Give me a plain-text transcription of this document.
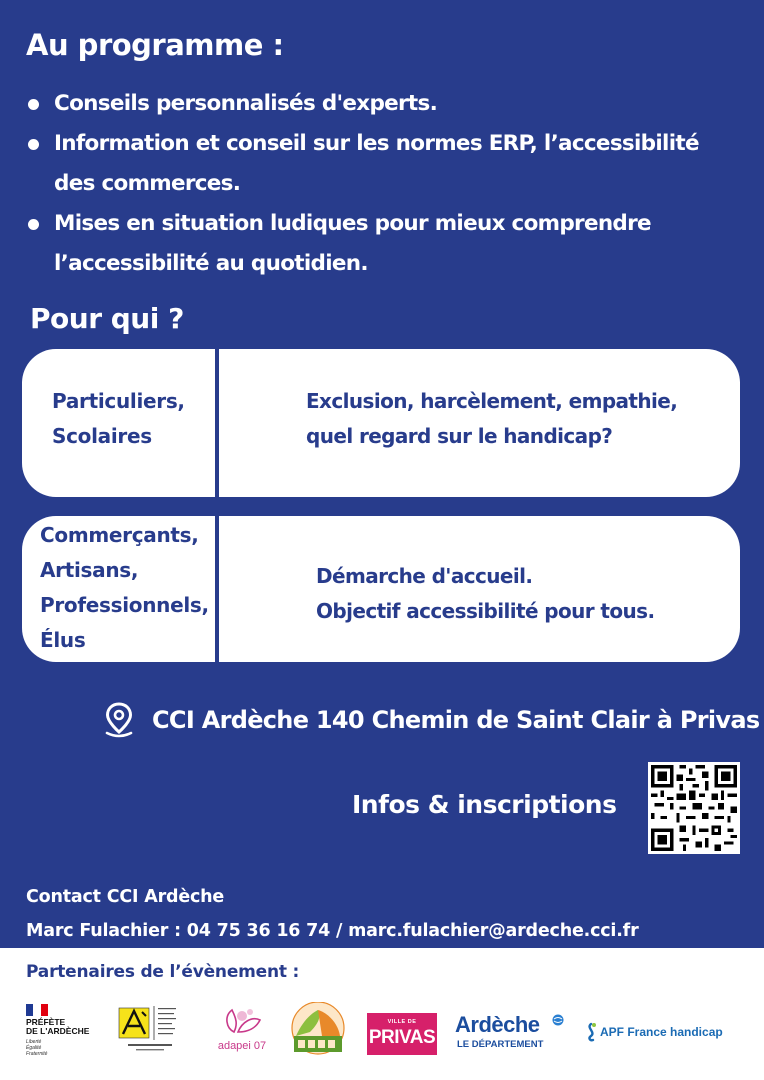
Au programme :
Conseils personnalisés d'experts.
Information et conseil sur les normes ERP, l’accessibilité
des commerces.
Mises en situation ludiques pour mieux comprendre
l’accessibilité au quotidien.
Pour qui ?
Particuliers,
Scolaires
Exclusion, harcèlement, empathie,
quel regard sur le handicap?
Commerçants,
Artisans,
Professionnels,
Élus
Démarche d'accueil.
Objectif accessibilité pour tous.
CCI Ardèche 140 Chemin de Saint Clair à Privas
Infos & inscriptions
Contact CCI Ardèche
Marc Fulachier : 04 75 36 16 74 / marc.fulachier@ardeche.cci.fr
Partenaires de l’évènement :
PRÉFÈTE
DE L'ARDÈCHE
Liberté
Égalité
Fraternité
adapei 07
VILLE DE
PRIVAS
Ardèche
LE DÉPARTEMENT
APF France handicap
